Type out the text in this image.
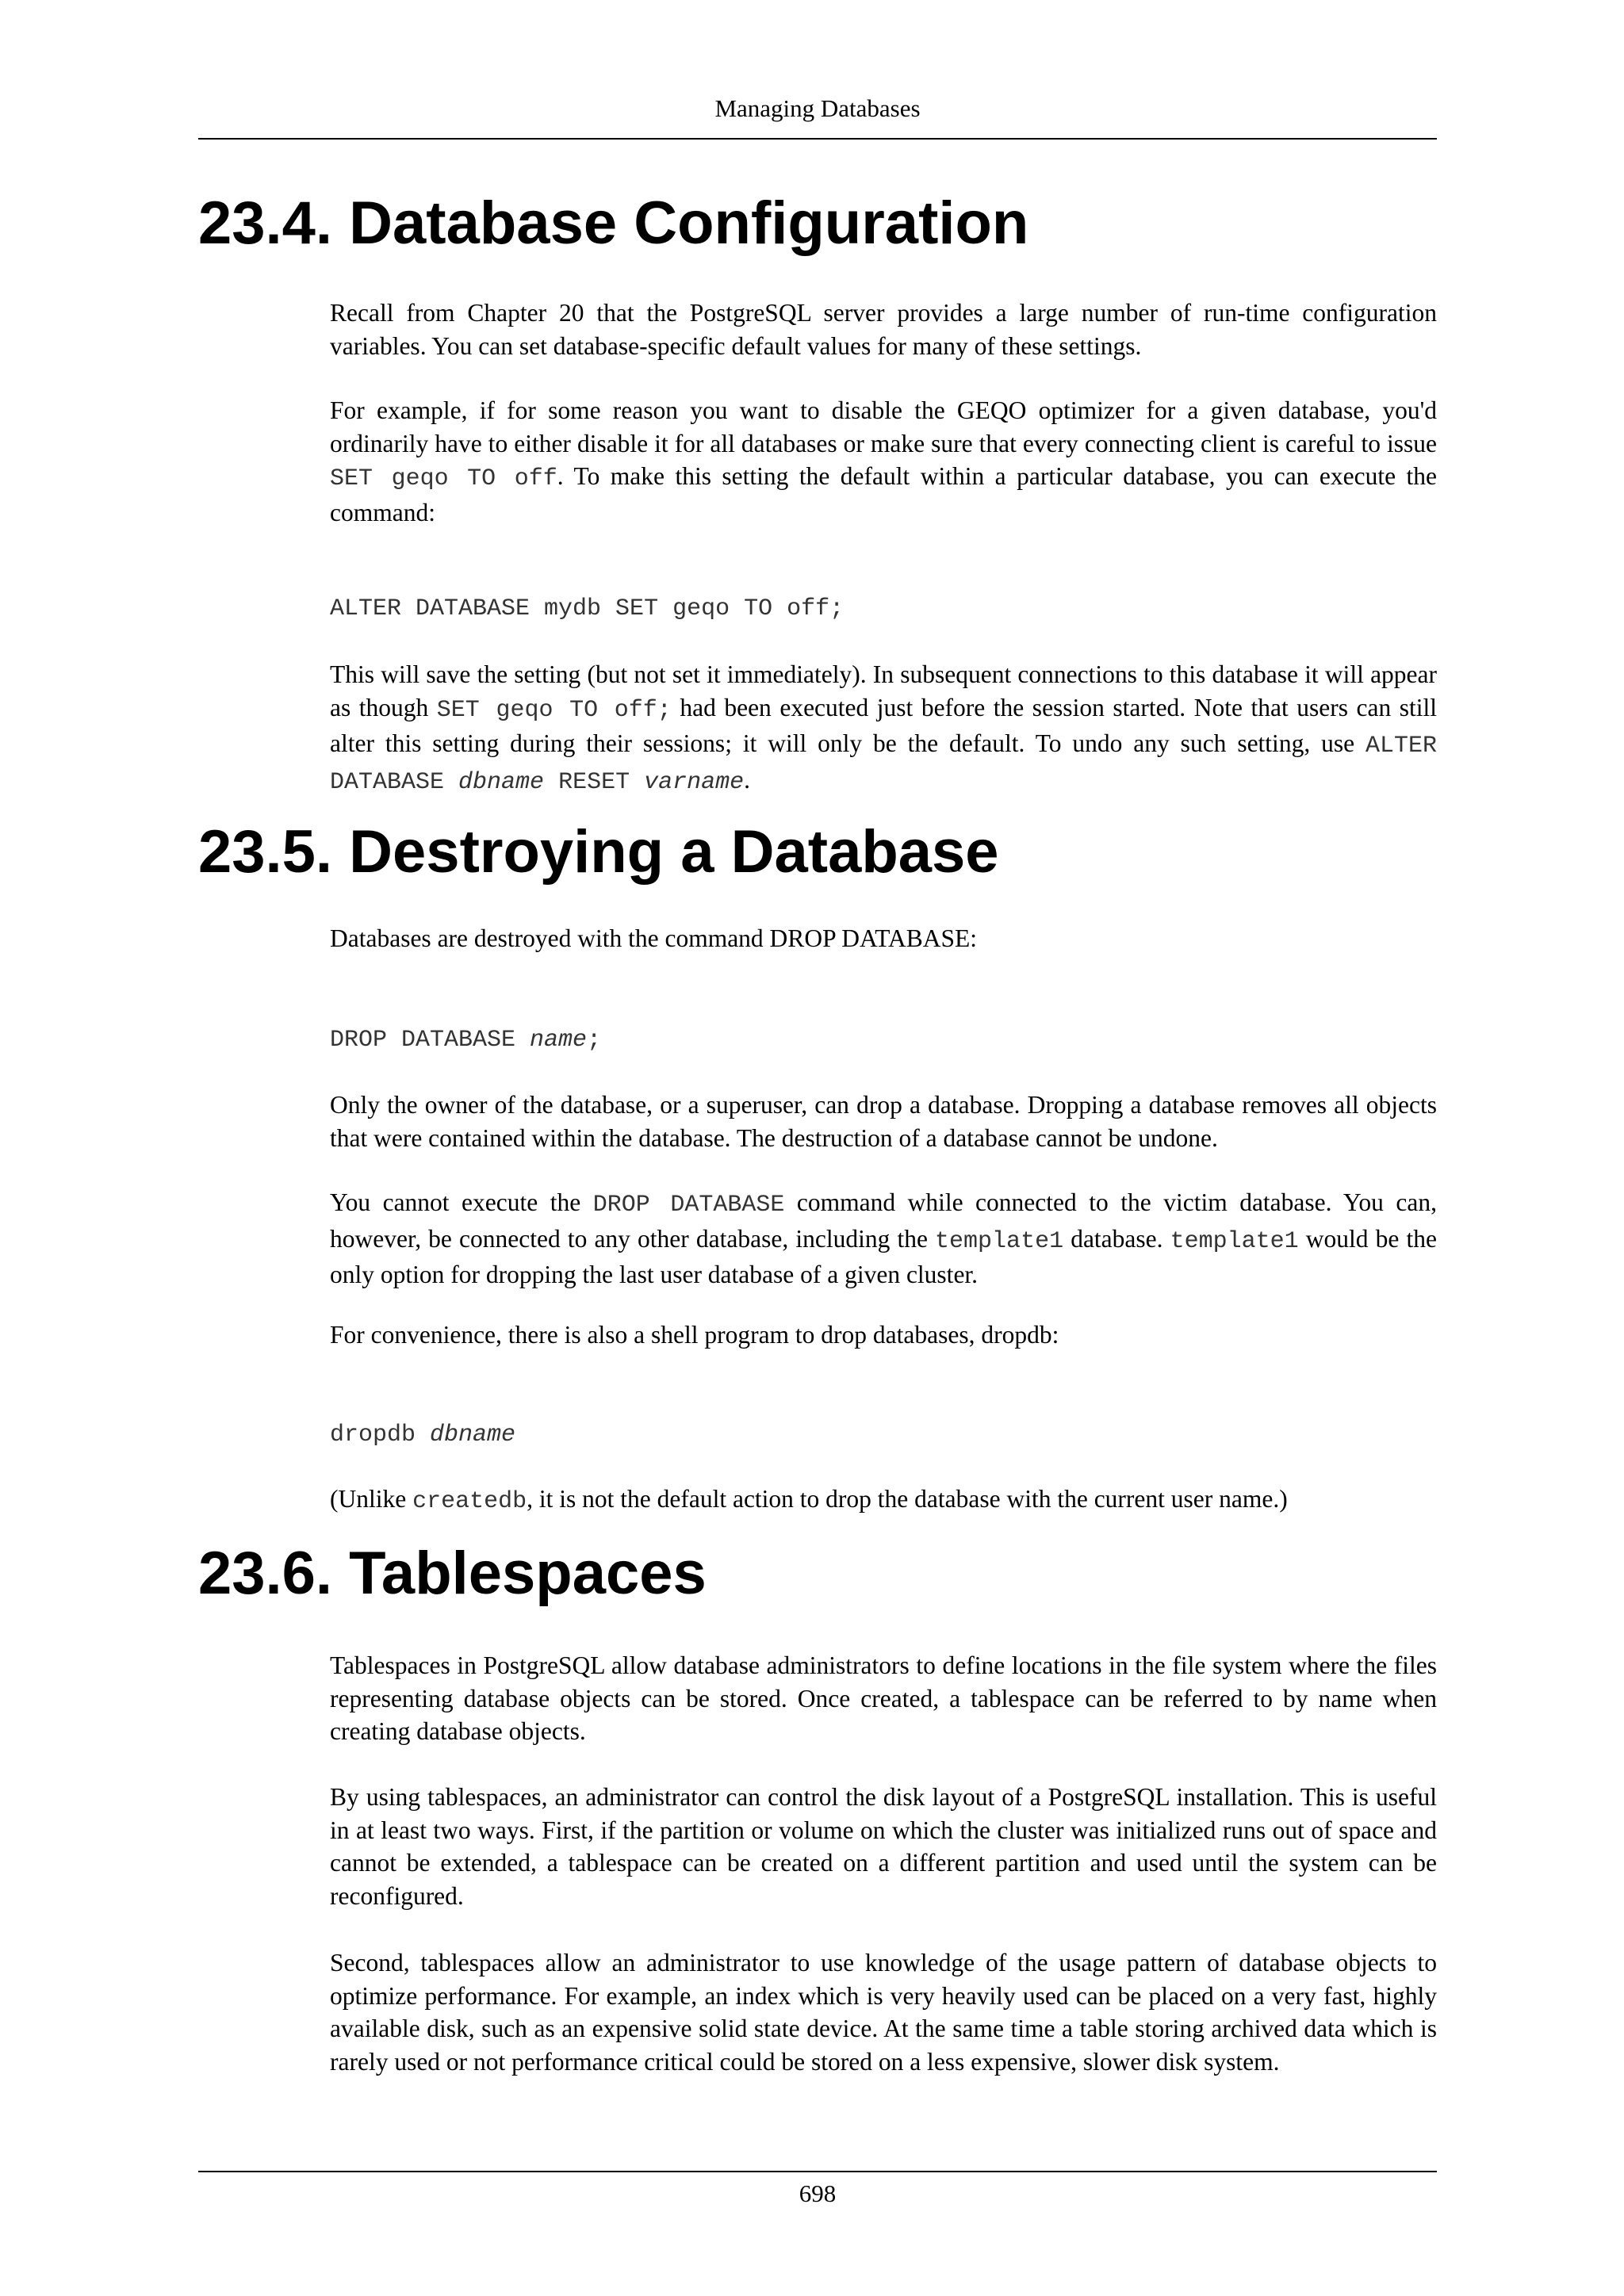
Managing Databases
23.4. Database Configuration

Recall from Chapter 20 that the PostgreSQL server provides a large number of run-time configuration variables. You can set database-specific default values for many of these settings.

For example, if for some reason you want to disable the GEQO optimizer for a given database, you'd ordinarily have to either disable it for all databases or make sure that every connecting client is careful to issue SET geqo TO off. To make this setting the default within a particular database, you can execute the command:

ALTER DATABASE mydb SET geqo TO off;

This will save the setting (but not set it immediately). In subsequent connections to this database it will appear as though SET geqo TO off; had been executed just before the session started. Note that users can still alter this setting during their sessions; it will only be the default. To undo any such setting, use ALTER DATABASE dbname RESET varname.

23.5. Destroying a Database

Databases are destroyed with the command DROP DATABASE:

DROP DATABASE name;

Only the owner of the database, or a superuser, can drop a database. Dropping a database removes all objects that were contained within the database. The destruction of a database cannot be undone.

You cannot execute the DROP DATABASE command while connected to the victim database. You can, however, be connected to any other database, including the template1 database. template1 would be the only option for dropping the last user database of a given cluster.

For convenience, there is also a shell program to drop databases, dropdb:

dropdb dbname

(Unlike createdb, it is not the default action to drop the database with the current user name.)

23.6. Tablespaces

Tablespaces in PostgreSQL allow database administrators to define locations in the file system where the files representing database objects can be stored. Once created, a tablespace can be referred to by name when creating database objects.

By using tablespaces, an administrator can control the disk layout of a PostgreSQL installation. This is useful in at least two ways. First, if the partition or volume on which the cluster was initialized runs out of space and cannot be extended, a tablespace can be created on a different partition and used until the system can be reconfigured.

Second, tablespaces allow an administrator to use knowledge of the usage pattern of database objects to optimize performance. For example, an index which is very heavily used can be placed on a very fast, highly available disk, such as an expensive solid state device. At the same time a table storing archived data which is rarely used or not performance critical could be stored on a less expensive, slower disk system.

698
